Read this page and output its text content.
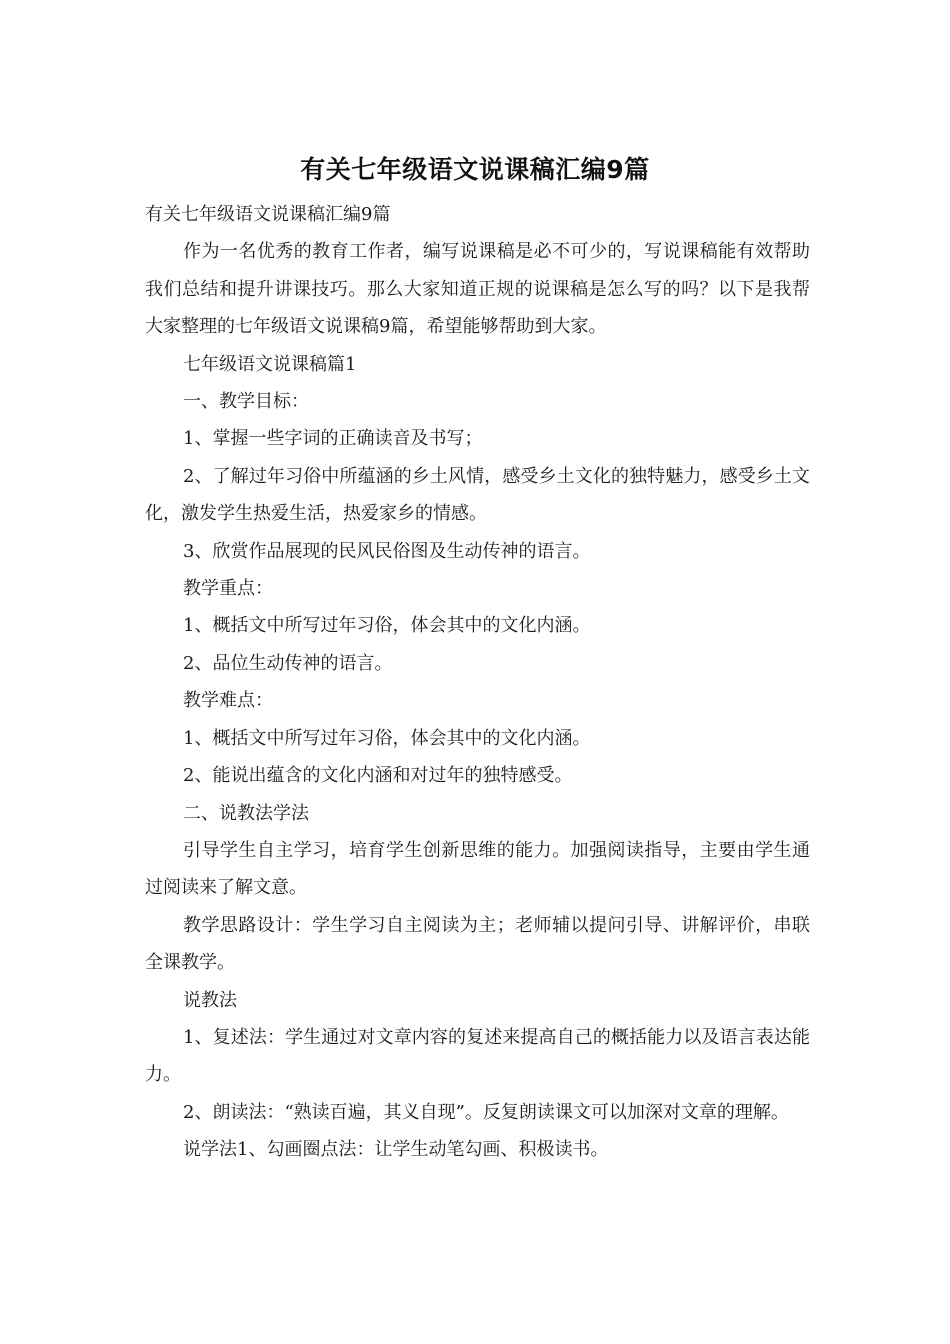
有关七年级语文说课稿汇编9篇

有关七年级语文说课稿汇编9篇

作为一名优秀的教育工作者，编写说课稿是必不可少的，写说课稿能有效帮助我们总结和提升讲课技巧。那么大家知道正规的说课稿是怎么写的吗？以下是我帮大家整理的七年级语文说课稿9篇，希望能够帮助到大家。

七年级语文说课稿篇1

一、教学目标：

1、掌握一些字词的正确读音及书写；

2、了解过年习俗中所蕴涵的乡土风情，感受乡土文化的独特魅力，感受乡土文化，激发学生热爱生活，热爱家乡的情感。

3、欣赏作品展现的民风民俗图及生动传神的语言。

教学重点：

1、概括文中所写过年习俗，体会其中的文化内涵。

2、品位生动传神的语言。

教学难点：

1、概括文中所写过年习俗，体会其中的文化内涵。

2、能说出蕴含的文化内涵和对过年的独特感受。

二、说教法学法

引导学生自主学习，培育学生创新思维的能力。加强阅读指导，主要由学生通过阅读来了解文意。

教学思路设计：学生学习自主阅读为主；老师辅以提问引导、讲解评价，串联全课教学。

说教法

1、复述法：学生通过对文章内容的复述来提高自己的概括能力以及语言表达能力。

2、朗读法：“熟读百遍，其义自现”。反复朗读课文可以加深对文章的理解。

说学法1、勾画圈点法：让学生动笔勾画、积极读书。
